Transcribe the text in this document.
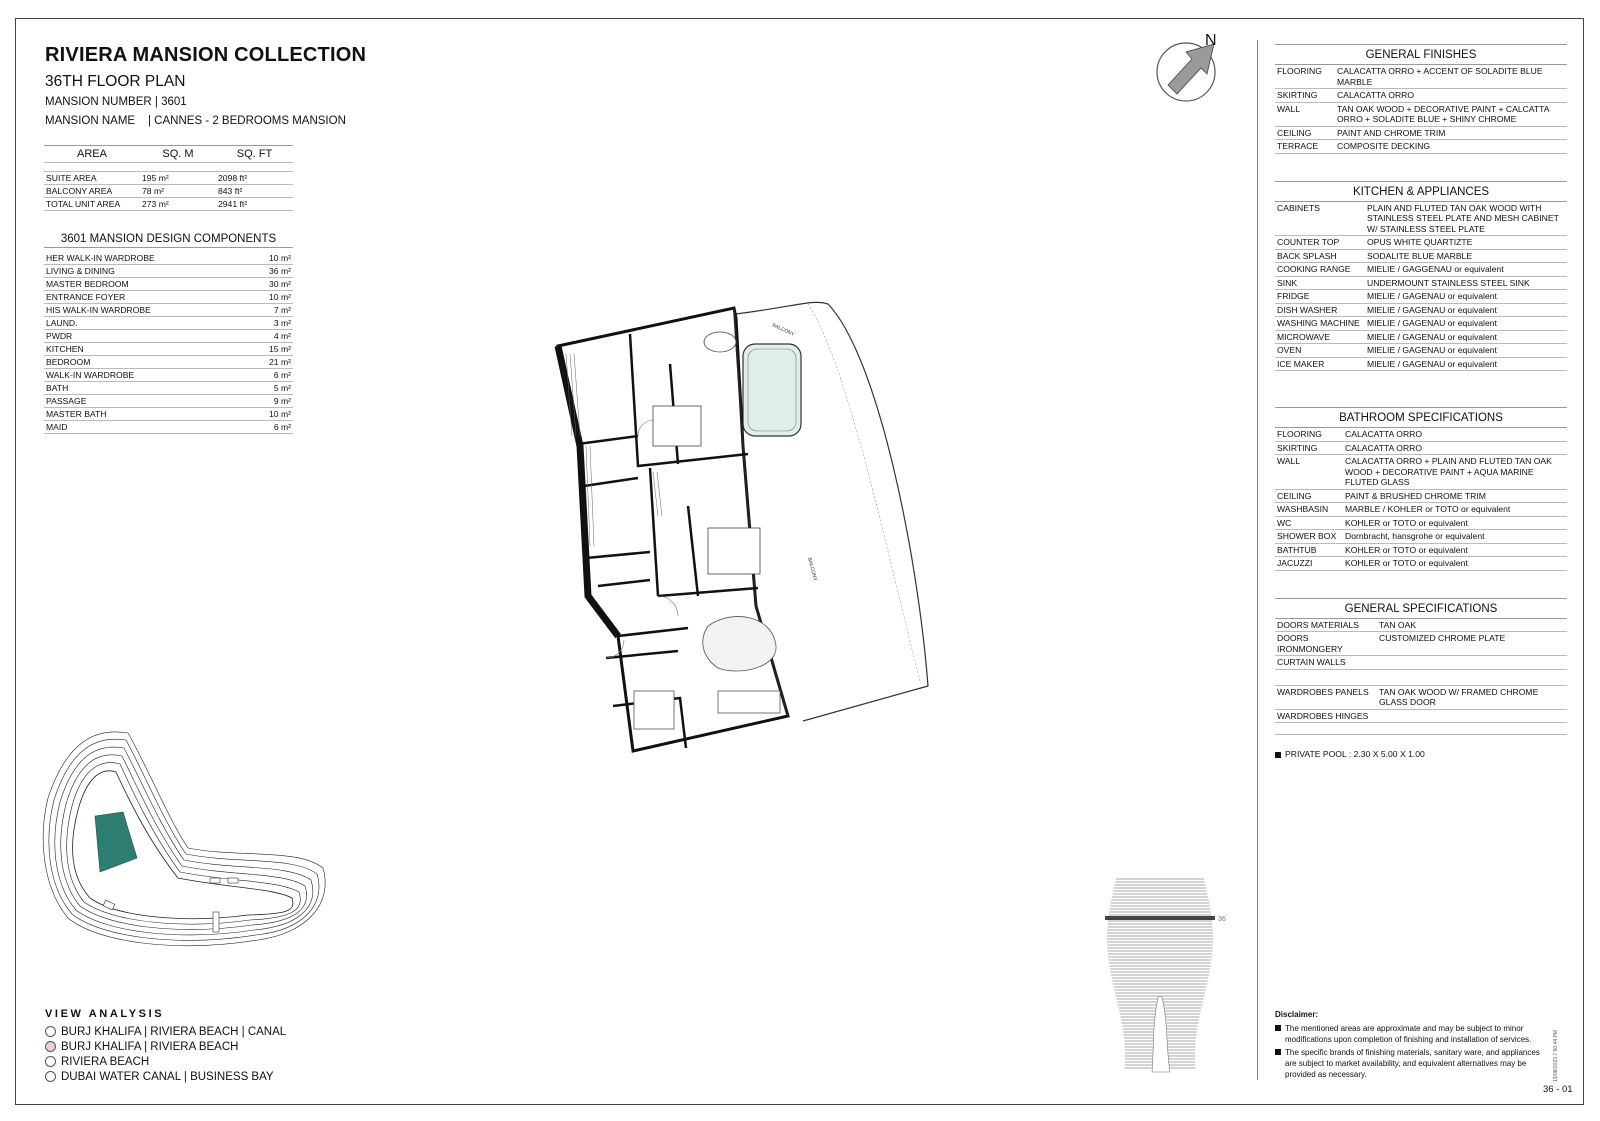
RIVIERA MANSION COLLECTION
36TH FLOOR PLAN
MANSION NUMBER | 3601
MANSION NAME | CANNES - 2 BEDROOMS MANSION
AREA	SQ. M	SQ. FT

SUITE AREA	195 m²	2098 ft²
BALCONY AREA	78 m²	843 ft²
TOTAL UNIT AREA	273 m²	2941 ft²
3601 MANSION DESIGN COMPONENTS
HER WALK-IN WARDROBE	10 m²
LIVING & DINING	36 m²
MASTER BEDROOM	30 m²
ENTRANCE FOYER	10 m²
HIS WALK-IN WARDROBE	7 m²
LAUND.	3 m²
PWDR	4 m²
KITCHEN	15 m²
BEDROOM	21 m²
WALK-IN WARDROBE	6 m²
BATH	5 m²
PASSAGE	9 m²
MASTER BATH	10 m²
MAID	6 m²
N
BALCONY
BALCONY
VIEW ANALYSIS
BURJ KHALIFA | RIVIERA BEACH | CANAL
BURJ KHALIFA | RIVIERA BEACH
RIVIERA BEACH
DUBAI WATER CANAL | BUSINESS BAY
36
GENERAL FINISHES
FLOORING	CALACATTA ORRO + ACCENT OF SOLADITE BLUE MARBLE
SKIRTING	CALACATTA ORRO
WALL	TAN OAK WOOD + DECORATIVE PAINT + CALCATTA ORRO + SOLADITE BLUE + SHINY CHROME
CEILING	PAINT AND CHROME TRIM
TERRACE	COMPOSITE DECKING
KITCHEN & APPLIANCES
CABINETS	PLAIN AND FLUTED TAN OAK WOOD WITH STAINLESS STEEL PLATE AND MESH CABINET W/ STAINLESS STEEL PLATE
COUNTER TOP	OPUS WHITE QUARTIZTE
BACK SPLASH	SODALITE BLUE MARBLE
COOKING RANGE	MIELIE / GAGGENAU or equivalent
SINK	UNDERMOUNT STAINLESS STEEL SINK
FRIDGE	MIELIE / GAGENAU or equivalent
DISH WASHER	MIELIE / GAGENAU or equivalent
WASHING MACHINE	MIELIE / GAGENAU or equivalent
MICROWAVE	MIELIE / GAGENAU or equivalent
OVEN	MIELIE / GAGENAU or equivalent
ICE MAKER	MIELIE / GAGENAU or equivalent
BATHROOM SPECIFICATIONS
FLOORING	CALACATTA ORRO
SKIRTING	CALACATTA ORRO
WALL	CALACATTA ORRO + PLAIN AND FLUTED TAN OAK WOOD + DECORATIVE PAINT + AQUA MARINE FLUTED GLASS
CEILING	PAINT & BRUSHED CHROME TRIM
WASHBASIN	MARBLE / KOHLER or TOTO or equivalent
WC	KOHLER or TOTO or equivalent
SHOWER BOX	Dornbracht, hansgrohe or equivalent
BATHTUB	KOHLER or TOTO or equivalent
JACUZZI	KOHLER or TOTO or equivalent
GENERAL SPECIFICATIONS
DOORS MATERIALS	TAN OAK
DOORS IRONMONGERY	CUSTOMIZED CHROME PLATE
CURTAIN WALLS	

WARDROBES PANELS	TAN OAK WOOD W/ FRAMED CHROME GLASS DOOR
WARDROBES HINGES	

PRIVATE POOL : 2.30 X 5.00 X 1.00
Disclaimer:
The mentioned areas are approximate and may be subject to minor modifications upon completion of finishing and installation of services.
The specific brands of finishing materials, sanitary ware, and appliances are subject to market availability, and equivalent alternatives may be provided as necessary.
36 - 01
13/08/2023 7:50:44 PM
